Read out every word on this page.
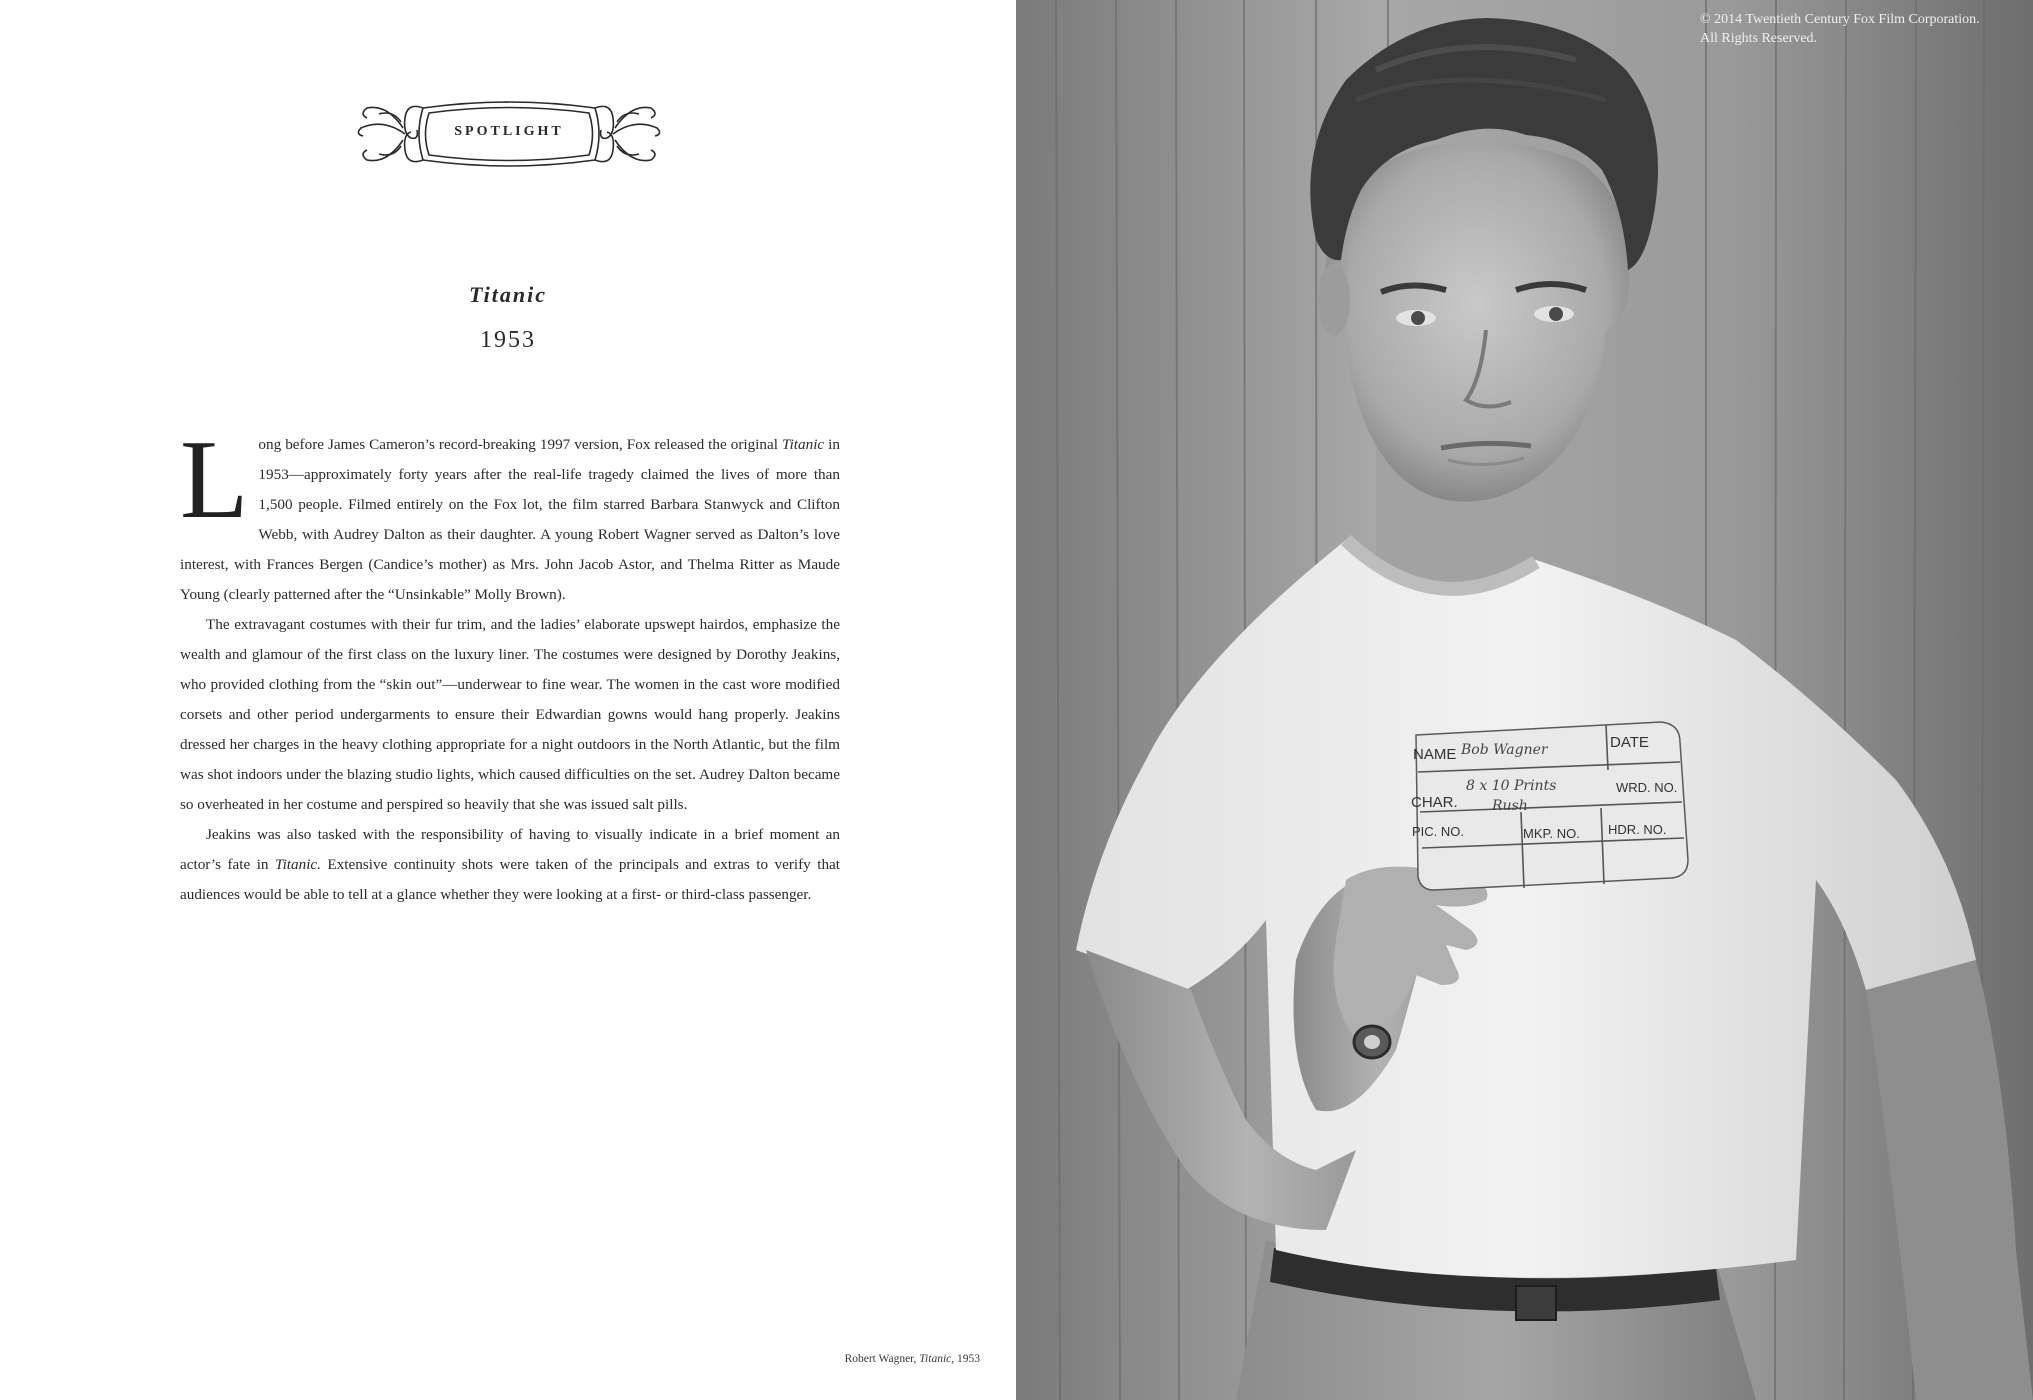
SPOTLIGHT
Titanic
1953

Long before James Cameron’s record-breaking 1997 version, Fox released the original Titanic in 1953—approximately forty years after the real-life tragedy claimed the lives of more than 1,500 people. Filmed entirely on the Fox lot, the film starred Barbara Stanwyck and Clifton Webb, with Audrey Dalton as their daughter. A young Robert Wagner served as Dalton’s love interest, with Frances Bergen (Candice’s mother) as Mrs. John Jacob Astor, and Thelma Ritter as Maude Young (clearly patterned after the “Unsinkable” Molly Brown).

The extravagant costumes with their fur trim, and the ladies’ elaborate upswept hairdos, emphasize the wealth and glamour of the first class on the luxury liner. The costumes were designed by Dorothy Jeakins, who provided clothing from the “skin out”—underwear to fine wear. The women in the cast wore modified corsets and other period undergarments to ensure their Edwardian gowns would hang properly. Jeakins dressed her charges in the heavy clothing appropriate for a night outdoors in the North Atlantic, but the film was shot indoors under the blazing studio lights, which caused difficulties on the set. Audrey Dalton became so overheated in her costume and perspired so heavily that she was issued salt pills.

Jeakins was also tasked with the responsibility of having to visually indicate in a brief moment an actor’s fate in Titanic. Extensive continuity shots were taken of the principals and extras to verify that audiences would be able to tell at a glance whether they were looking at a first- or third-class passenger.

Robert Wagner, Titanic, 1953
© 2014 Twentieth Century Fox Film Corporation.
All Rights Reserved.
NAME Bob Wagner	DATE
CHAR.
8 x 10 Prints
Rush
WRD. NO.
PIC. NO.	MKP. NO. HDR. NO.
